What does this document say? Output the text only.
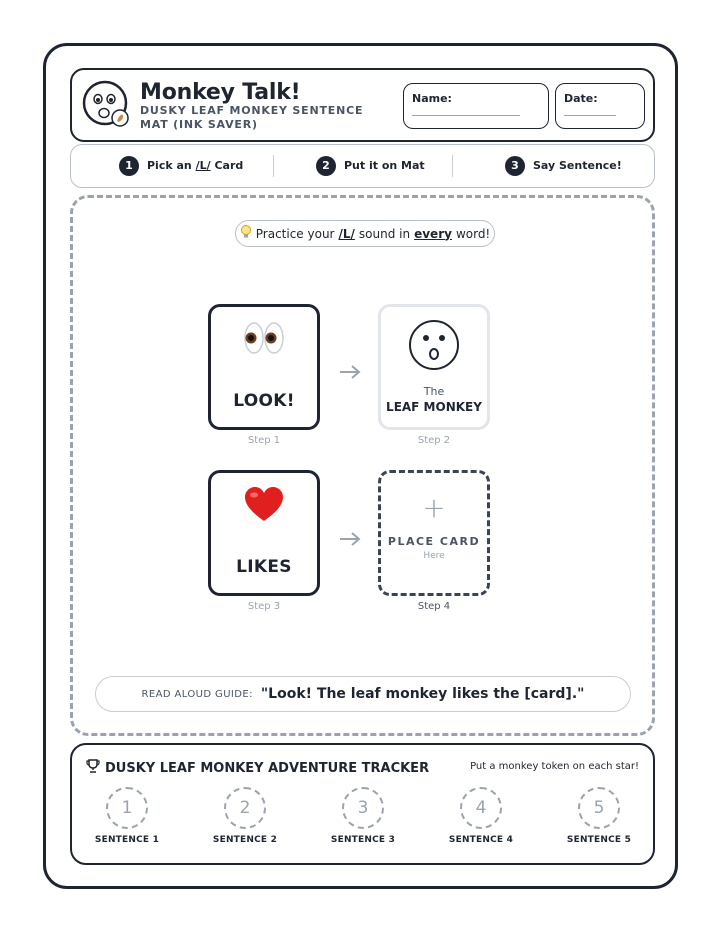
Monkey Talk!
DUSKY LEAF MONKEY SENTENCE MAT (INK SAVER)
Name:	Date:
1	Pick an /L/ Card	2	Put it on Mat	3	Say Sentence!
Practice your /L/ sound in every word!
LOOK!
Step 1
The
LEAF MONKEY
Step 2
LIKES
Step 3
+
PLACE CARD
Here
Step 4
READ ALOUD GUIDE: "Look! The leaf monkey likes the [card]."
DUSKY LEAF MONKEY ADVENTURE TRACKER	Put a monkey token on each star!
1
SENTENCE 1
2
SENTENCE 2
3
SENTENCE 3
4
SENTENCE 4
5
SENTENCE 5
